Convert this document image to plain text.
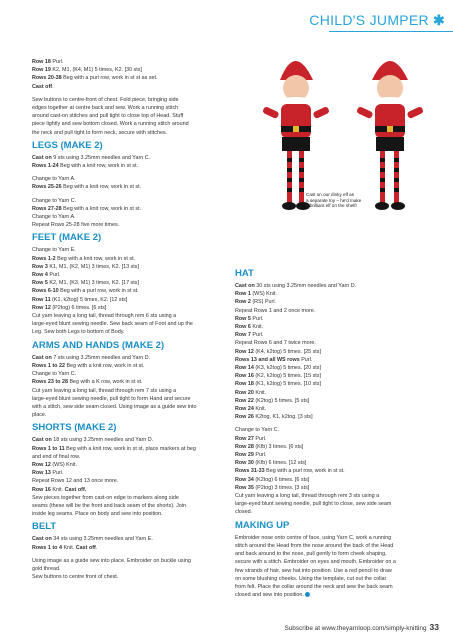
CHILD'S JUMPER ✱
Cast on our dinky elf as
a separate toy – he'd make
a brilliant elf on the shelf!
Row 18 Purl.
Row 19 K2, M1, (K4, M1) 5 times, K2. [30 sts]
Rows 20-38 Beg with a purl row, work in st st as set.
Cast off.
Sew buttons to centre-front of chest. Fold piece, bringing side
edges together at centre back and sew. Work a running stitch
around cast-on stitches and pull tight to close top of Head. Stuff
piece lightly and sew bottom closed. Work a running stitch around
the neck and pull tight to form neck, secure with stitches.
LEGS (MAKE 2)
Cast on 9 sts using 3.25mm needles and Yarn C.
Rows 1-24 Beg with a knit row, work in st st.
Change to Yarn A.
Rows 25-26 Beg with a knit row, work in st st.
Change to Yarn C.
Rows 27-28 Beg with a knit row, work in st st.
Change to Yarn A.
Repeat Rows 25-28 five more times.
FEET (MAKE 2)
Change to Yarn E.
Rows 1-2 Beg with a knit row, work in st st.
Row 3 K1, M1, (K2, M1) 3 times, K2. [13 sts]
Row 4 Purl.
Row 5 K2, M1, (K3, M1) 3 times, K2. [17 sts]
Rows 6-10 Beg with a purl row, work in st st.
Row 11 (K1, k2tog) 5 times, K2. [12 sts]
Row 12 (P2tog) 6 times. [6 sts]
Cut yarn leaving a long tail, thread through rem 6 sts using a
large-eyed blunt sewing needle. Sew back seam of Foot and up the
Leg. Sew both Legs to bottom of Body.
ARMS AND HANDS (MAKE 2)
Cast on 7 sts using 3.25mm needles and Yarn D.
Rows 1 to 22 Beg with a knit row, work in st st.
Change to Yarn C.
Rows 23 to 28 Beg with a K row, work in st st.
Cut yarn leaving a long tail, thread through rem 7 sts using a
large-eyed blunt sewing needle, pull tight to form Hand and secure
with a stitch, sew side seam closed. Using image as a guide sew into
place.
SHORTS (MAKE 2)
Cast on 18 sts using 3.25mm needles and Yarn D.
Rows 1 to 11 Beg with a knit row, work in st st, place markers at beg
and end of final row.
Row 12 (WS) Knit.
Row 13 Purl.
Repeat Rows 12 and 13 once more.
Row 16 Knit. Cast off.
Sew pieces together from cast-on edge to markers along side
seams (these will be the front and back seam of the shorts). Join
inside leg seams. Place on body and sew into position.
BELT
Cast on 34 sts using 3.25mm needles and Yarn E.
Rows 1 to 4 Knit. Cast off.
Using image as a guide sew into place. Embroider on buckle using
gold thread.
Sew buttons to centre front of chest.
HAT
Cast on 30 sts using 3.25mm needles and Yarn D.
Row 1 (WS) Knit.
Row 2 (RS) Purl.
Repeat Rows 1 and 2 once more.
Row 5 Purl.
Row 6 Knit.
Row 7 Purl.
Repeat Rows 6 and 7 twice more.
Row 12 (K4, k2tog) 5 times. [25 sts]
Rows 13 and all WS rows Purl.
Row 14 (K3, k2tog) 5 times. [20 sts]
Row 16 (K2, k2tog) 5 times. [15 sts]
Row 18 (K1, k2tog) 5 times. [10 sts]
Row 20 Knit.
Row 22 (K2tog) 5 times. [5 sts]
Row 24 Knit.
Row 26 K2tog, K1, k2tog. [3 sts]
Change to Yarn C.
Row 27 Purl.
Row 28 (Kfb) 3 times. [6 sts]
Row 29 Purl.
Row 30 (Kfb) 6 times. [12 sts]
Rows 31-33 Beg with a purl row, work in st st.
Row 34 (K2tog) 6 times. [6 sts]
Row 35 (P2tog) 3 times. [3 sts]
Cut yarn leaving a long tail, thread through rem 3 sts using a
large-eyed blunt sewing needle, pull tight to close, sew side seam
closed.
MAKING UP
Embroider nose onto centre of face, using Yarn C, work a running
stitch around the Head from the nose around the back of the Head
and back around to the nose, pull gently to form cheek shaping,
secure with a stitch. Embroider on eyes and mouth. Embroider on a
few strands of hair, sew hat into position. Use a red pencil to draw
on some blushing cheeks. Using the template, cut out the collar
from felt. Place the collar around the neck and sew the back seam
closed and sew into position.
Subscribe at www.theyarnloop.com/simply-knitting 33
